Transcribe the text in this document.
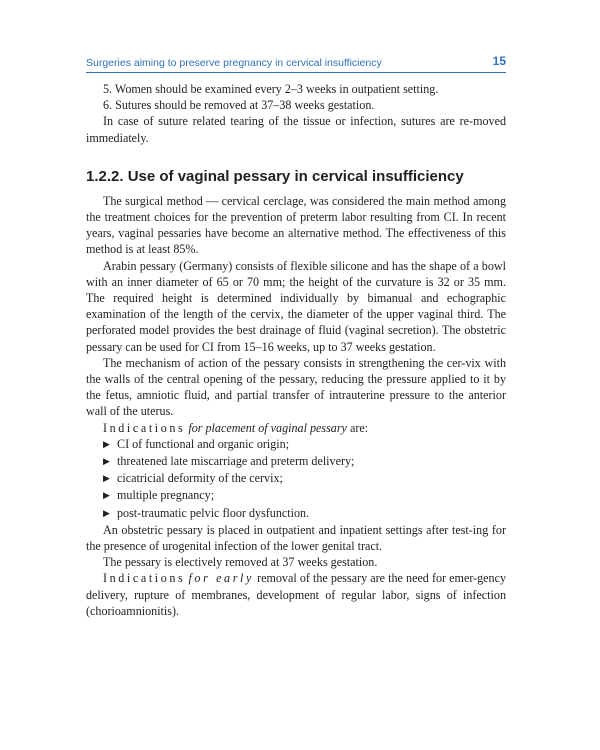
Surgeries aiming to preserve pregnancy in cervical insufficiency	15

5. Women should be examined every 2–3 weeks in outpatient setting.

6. Sutures should be removed at 37–38 weeks gestation.

In case of suture related tearing of the tissue or infection, sutures are re-moved immediately.

1.2.2. Use of vaginal pessary in cervical insufficiency

The surgical method — cervical cerclage, was considered the main method among the treatment choices for the prevention of preterm labor resulting from CI. In recent years, vaginal pessaries have become an alternative method. The effectiveness of this method is at least 85%.

Arabin pessary (Germany) consists of flexible silicone and has the shape of a bowl with an inner diameter of 65 or 70 mm; the height of the curvature is 32 or 35 mm. The required height is determined individually by bimanual and echographic examination of the length of the cervix, the diameter of the upper vaginal third. The perforated model provides the best drainage of fluid (vaginal secretion). The obstetric pessary can be used for CI from 15–16 weeks, up to 37 weeks gestation.

The mechanism of action of the pessary consists in strengthening the cer-vix with the walls of the central opening of the pessary, reducing the pressure applied to it by the fetus, amniotic fluid, and partial transfer of intrauterine pressure to the anterior wall of the uterus.

Indications for placement of vaginal pessary are:

▶ CI of functional and organic origin;
▶ threatened late miscarriage and preterm delivery;
▶ cicatricial deformity of the cervix;
▶ multiple pregnancy;
▶ post-traumatic pelvic floor dysfunction.

An obstetric pessary is placed in outpatient and inpatient settings after test-ing for the presence of urogenital infection of the lower genital tract.

The pessary is electively removed at 37 weeks gestation.

Indications for early removal of the pessary are the need for emer-gency delivery, rupture of membranes, development of regular labor, signs of infection (chorioamnionitis).
